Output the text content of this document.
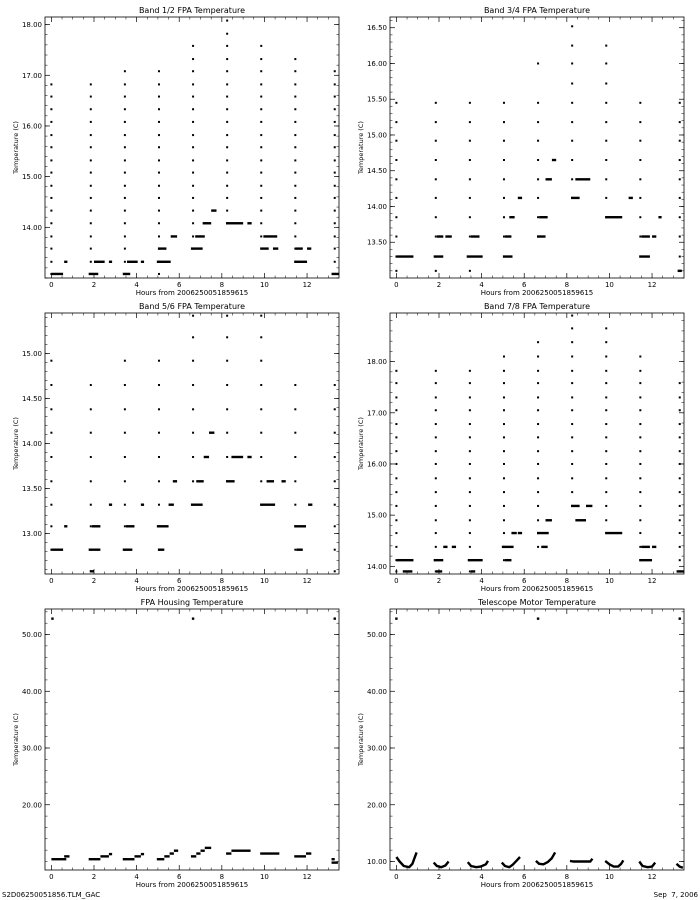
Band 1/2 FPA Temperature
0	2	4	6	8	10	12
14.00
15.00
16.00
17.00
18.00
Hours from 2006250051859615
Temperature (C)
Band 3/4 FPA Temperature
0	2	4	6	8	10	12
13.50
14.00
14.50
15.00
15.50
16.00
16.50
Hours from 2006250051859615
Temperature (C)
Band 5/6 FPA Temperature
0	2	4	6	8	10	12
13.00
13.50
14.00
14.50
15.00
Hours from 2006250051859615
Temperature (C)
Band 7/8 FPA Temperature
0	2	4	6	8	10	12
14.00
15.00
16.00
17.00
18.00
Hours from 2006250051859615
Temperature (C)
FPA Housing Temperature
0	2	4	6	8	10	12
20.00
30.00
40.00
50.00
Hours from 2006250051859615
Temperature (C)
Telescope Motor Temperature
0	2	4	6	8	10	12
10.00
20.00
30.00
40.00
50.00
Hours from 2006250051859615
Temperature (C)
S2D06250051856.TLM_GAC	Sep  7, 2006
